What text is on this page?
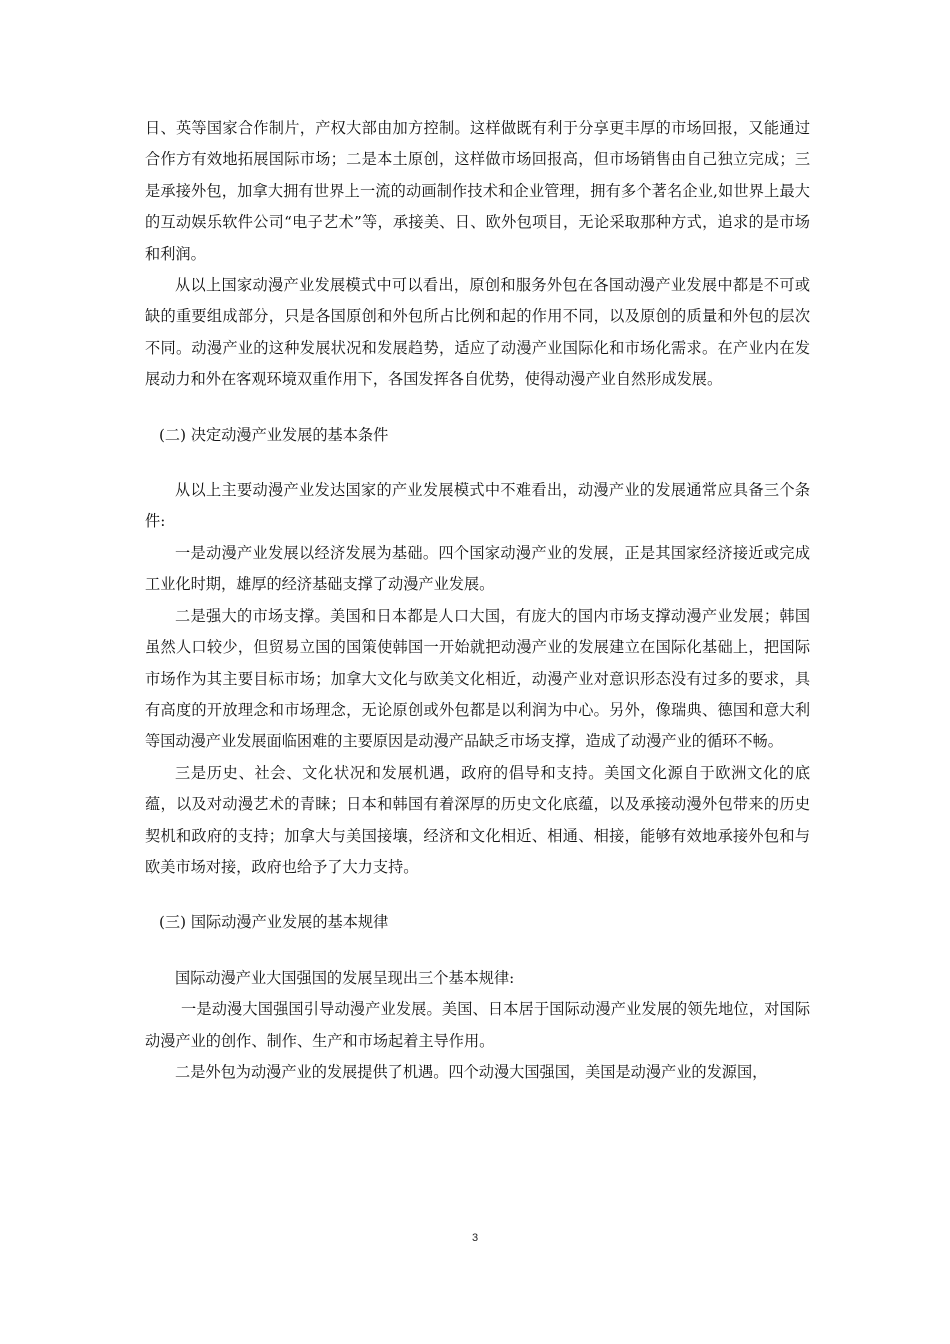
日、英等国家合作制片，产权大部由加方控制。这样做既有利于分享更丰厚的市场回报，又能通过合作方有效地拓展国际市场；二是本土原创，这样做市场回报高，但市场销售由自己独立完成；三是承接外包，加拿大拥有世界上一流的动画制作技术和企业管理，拥有多个著名企业,如世界上最大的互动娱乐软件公司“电子艺术”等，承接美、日、欧外包项目，无论采取那种方式，追求的是市场和利润。

从以上国家动漫产业发展模式中可以看出，原创和服务外包在各国动漫产业发展中都是不可或缺的重要组成部分，只是各国原创和外包所占比例和起的作用不同，以及原创的质量和外包的层次不同。动漫产业的这种发展状况和发展趋势，适应了动漫产业国际化和市场化需求。在产业内在发展动力和外在客观环境双重作用下，各国发挥各自优势，使得动漫产业自然形成发展。

(二) 决定动漫产业发展的基本条件

从以上主要动漫产业发达国家的产业发展模式中不难看出，动漫产业的发展通常应具备三个条件:

一是动漫产业发展以经济发展为基础。四个国家动漫产业的发展，正是其国家经济接近或完成工业化时期，雄厚的经济基础支撑了动漫产业发展。

二是强大的市场支撑。美国和日本都是人口大国，有庞大的国内市场支撑动漫产业发展；韩国虽然人口较少，但贸易立国的国策使韩国一开始就把动漫产业的发展建立在国际化基础上，把国际市场作为其主要目标市场；加拿大文化与欧美文化相近，动漫产业对意识形态没有过多的要求，具有高度的开放理念和市场理念，无论原创或外包都是以利润为中心。另外，像瑞典、德国和意大利等国动漫产业发展面临困难的主要原因是动漫产品缺乏市场支撑，造成了动漫产业的循环不畅。

三是历史、社会、文化状况和发展机遇，政府的倡导和支持。美国文化源自于欧洲文化的底蕴，以及对动漫艺术的青睐；日本和韩国有着深厚的历史文化底蕴，以及承接动漫外包带来的历史契机和政府的支持；加拿大与美国接壤，经济和文化相近、相通、相接，能够有效地承接外包和与欧美市场对接，政府也给予了大力支持。

(三) 国际动漫产业发展的基本规律

国际动漫产业大国强国的发展呈现出三个基本规律:

一是动漫大国强国引导动漫产业发展。美国、日本居于国际动漫产业发展的领先地位，对国际动漫产业的创作、制作、生产和市场起着主导作用。

二是外包为动漫产业的发展提供了机遇。四个动漫大国强国，美国是动漫产业的发源国，

3
